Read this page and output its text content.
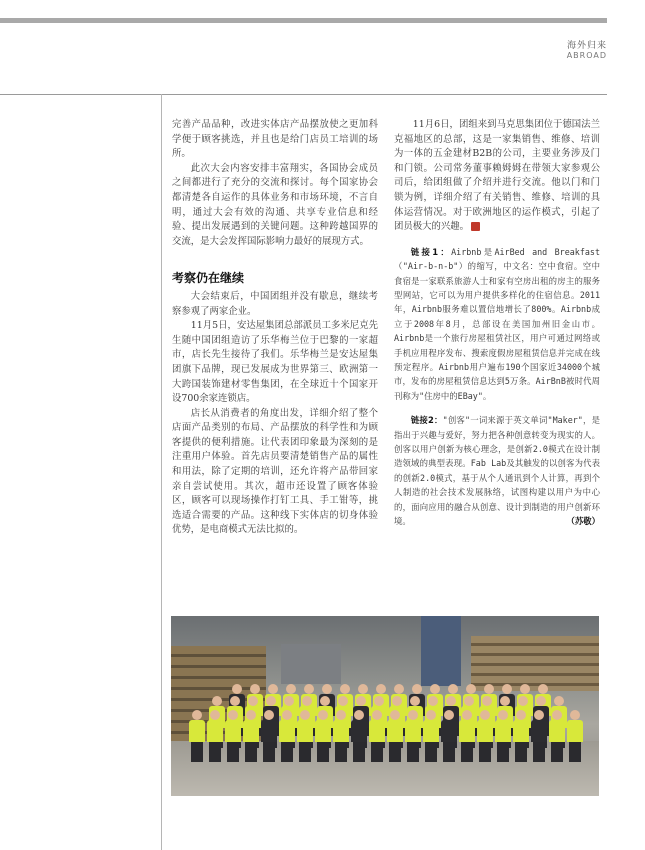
海外归来
ABROAD

完善产品品种，改进实体店产品摆放使之更加科学便于顾客挑选，并且也是给门店员工培训的场所。

此次大会内容安排丰富翔实，各国协会成员之间都进行了充分的交流和探讨。每个国家协会都清楚各自运作的具体业务和市场环境，不言自明，通过大会有效的沟通、共享专业信息和经验、提出发展遇到的关键问题。这种跨越国界的交流，是大会发挥国际影响力最好的展现方式。

考察仍在继续

大会结束后，中国团组并没有歇息，继续考察参观了两家企业。

11月5日，安达屋集团总部派员工多米尼克先生随中国团组造访了乐华梅兰位于巴黎的一家超市，店长先生接待了我们。乐华梅兰是安达屋集团旗下品牌，现已发展成为世界第三、欧洲第一大跨国装饰建材零售集团，在全球近十个国家开设700余家连锁店。

店长从消费者的角度出发，详细介绍了整个店面产品类别的布局、产品摆放的科学性和为顾客提供的便利措施。让代表团印象最为深刻的是注重用户体验。首先店员要清楚销售产品的属性和用法，除了定期的培训，还允许将产品带回家亲自尝试使用。其次，超市还设置了顾客体验区，顾客可以现场操作打钉工具、手工钳等，挑选适合需要的产品。这种线下实体店的切身体验优势，是电商模式无法比拟的。

11月6日，团组来到马克思集团位于德国法兰克福地区的总部，这是一家集销售、维修、培训为一体的五金建材B2B的公司，主要业务涉及门和门锁。公司常务董事赖姆姆在带领大家参观公司后，给团组做了介绍并进行交流。他以门和门锁为例，详细介绍了有关销售、维修、培训的具体运营情况。对于欧洲地区的运作模式，引起了团员极大的兴趣。

链接1：Airbnb是AirBed and Breakfast（"Air-b-n-b"）的缩写，中文名：空中食宿。空中食宿是一家联系旅游人士和家有空房出租的房主的服务型网站，它可以为用户提供多样化的住宿信息。2011年，Airbnb服务难以置信地增长了800%。Airbnb成立于2008年8月，总部设在美国加州旧金山市。Airbnb是一个旅行房屋租赁社区，用户可通过网络或手机应用程序发布、搜索度假房屋租赁信息并完成在线预定程序。Airbnb用户遍布190个国家近34000个城市，发布的房屋租赁信息达到5万条。AirBnB被时代周刊称为"住房中的EBay"。

链接2："创客"一词来源于英文单词"Maker"，是指出于兴趣与爱好，努力把各种创意转变为现实的人。创客以用户创新为核心理念，是创新2.0模式在设计制造领域的典型表现。Fab Lab及其触发的以创客为代表的创新2.0模式，基于从个人通讯到个人计算，再到个人制造的社会技术发展脉络，试图构建以用户为中心的，面向应用的融合从创意、设计到制造的用户创新环境。	（苏敬）
